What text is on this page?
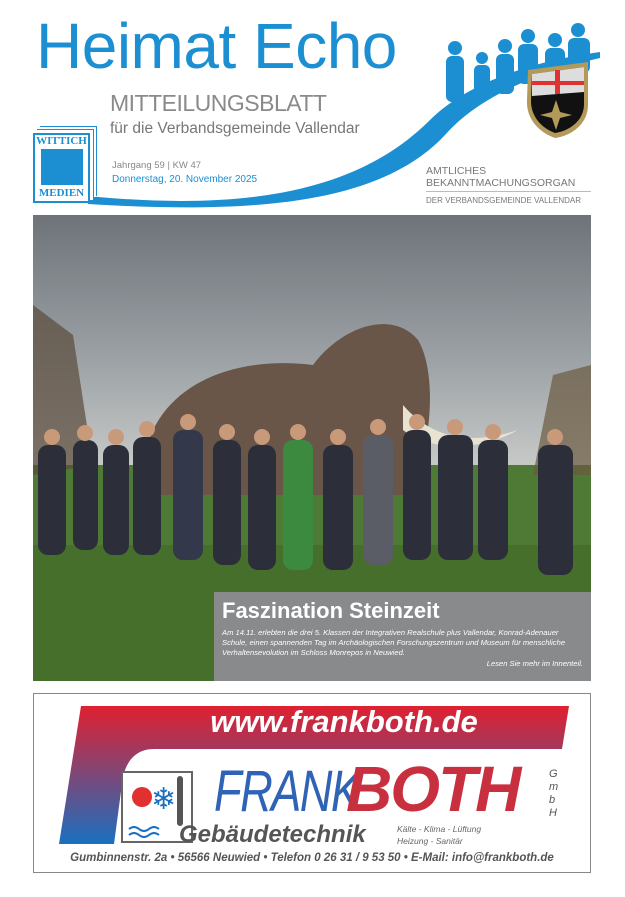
Heimat Echo
MITTEILUNGSBLATT
für die Verbandsgemeinde Vallendar
WITTICH
MEDIEN
Jahrgang 59 | KW 47
Donnerstag, 20. November 2025
AMTLICHES
BEKANNTMACHUNGSORGAN
DER VERBANDSGEMEINDE VALLENDAR
Faszination Steinzeit

Am 14.11. erlebten die drei 5. Klassen der Integrativen Realschule plus Vallendar, Konrad-Adenauer Schule, einen spannenden Tag im Archäologischen Forschungszentrum und Museum für menschliche Verhaltensevolution im Schloss Monrepos in Neuwied.

Lesen Sie mehr im Innenteil.

❄
www.frankboth.de
FRANK
BOTH	GmbH
Gebäudetechnik	Kälte - Klima - Lüftung
Heizung - Sanitär
Gumbinnenstr. 2a • 56566 Neuwied • Telefon 0 26 31 / 9 53 50 • E-Mail: info@frankboth.de
